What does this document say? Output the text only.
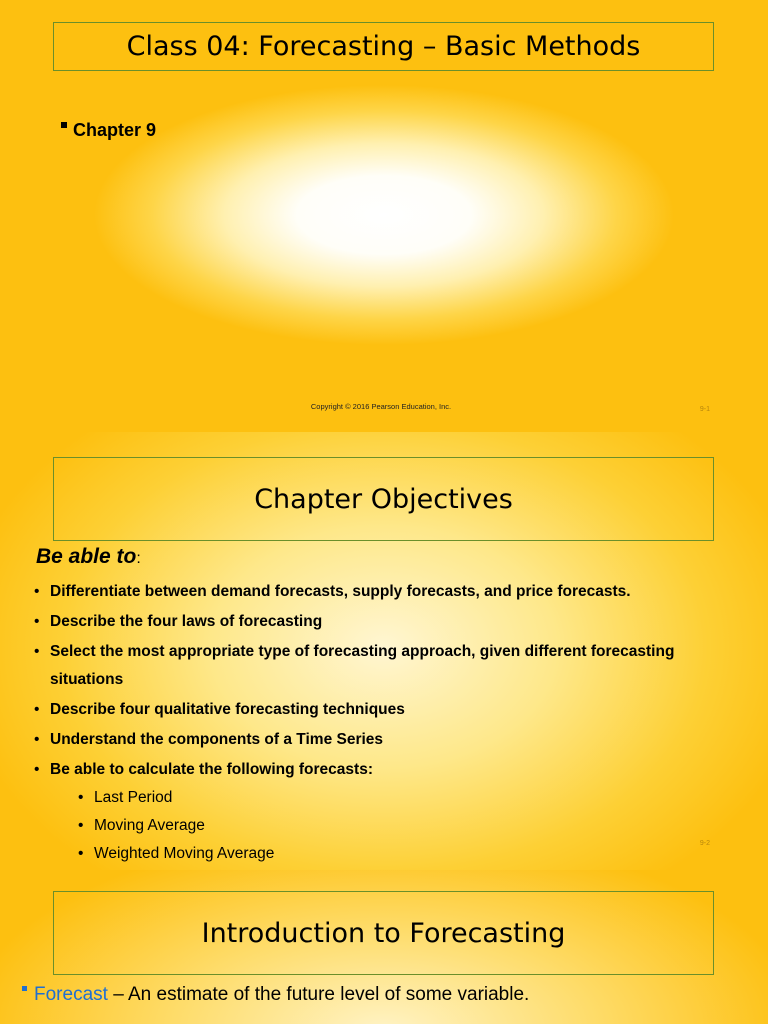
Class 04: Forecasting – Basic Methods
Chapter 9
Copyright © 2016 Pearson Education, Inc.	9-1
Chapter Objectives
Be able to:
• Differentiate between demand forecasts, supply forecasts, and price forecasts.
• Describe the four laws of forecasting
• Select the most appropriate type of forecasting approach, given different forecasting situations
• Describe four qualitative forecasting techniques
• Understand the components of a Time Series
• Be able to calculate the following forecasts:
• Last Period
• Moving Average
• Weighted Moving Average
9-2
Introduction to Forecasting
Forecast – An estimate of the future level of some variable.
